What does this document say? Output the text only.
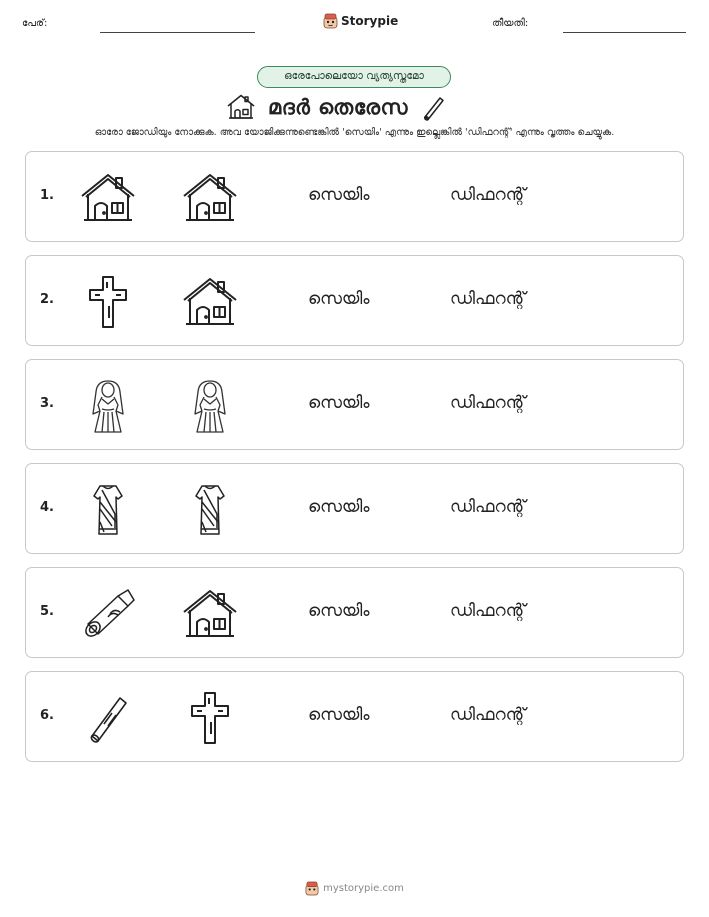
പേര്:	Storypie	തീയതി:
ഒരേപോലെയോ വ്യത്യസ്തമോ
മദർ തെരേസ
ഓരോ ജോഡിയും നോക്കുക. അവ യോജിക്കുന്നുണ്ടെങ്കിൽ 'സെയിം' എന്നും ഇല്ലെങ്കിൽ 'ഡിഫറന്റ്' എന്നും വൃത്തം ചെയ്യുക.
1.	സെയിം	ഡിഫറന്റ്
2.	സെയിം	ഡിഫറന്റ്
3.	സെയിം	ഡിഫറന്റ്
4.	സെയിം	ഡിഫറന്റ്
5.	സെയിം	ഡിഫറന്റ്
6.	സെയിം	ഡിഫറന്റ്
mystorypie.com
